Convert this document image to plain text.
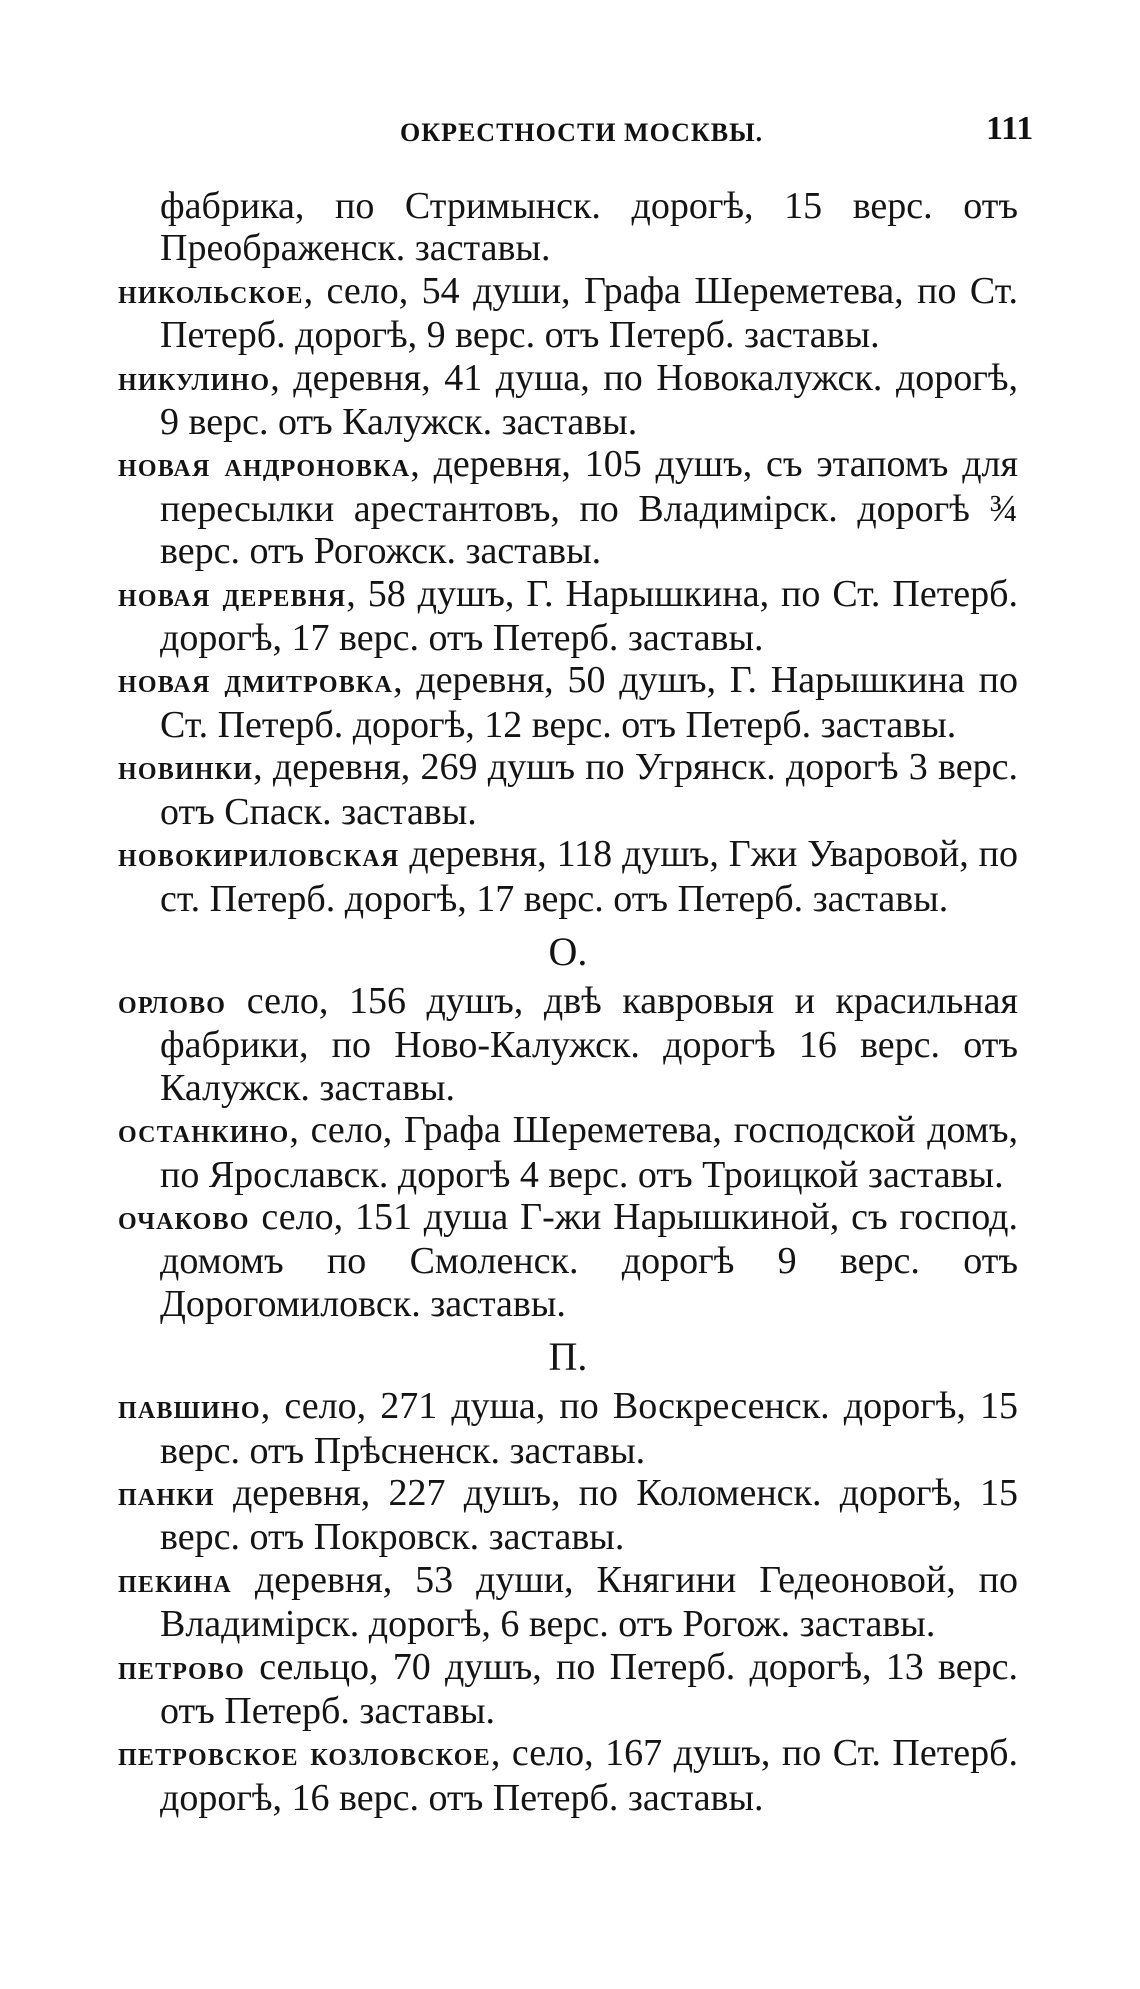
ОКРЕСТНОСТИ МОСКВЫ.	111

фабрика, по Стримынск. дорогѣ, 15 верс. отъ Преображенск. заставы.

никольское, село, 54 души, Графа Шереметева, по Ст. Петерб. дорогѣ, 9 верс. отъ Петерб. заставы.

никулино, деревня, 41 душа, по Новокалужск. дорогѣ, 9 верс. отъ Калужск. заставы.

новая андроновка, деревня, 105 душъ, съ этапомъ для пересылки арестантовъ, по Владимірск. дорогѣ ¾ верс. отъ Рогожск. заставы.

новая деревня, 58 душъ, Г. Нарышкина, по Ст. Петерб. дорогѣ, 17 верс. отъ Петерб. заставы.

новая дмитровка, деревня, 50 душъ, Г. Нарышкина по Ст. Петерб. дорогѣ, 12 верс. отъ Петерб. заставы.

новинки, деревня, 269 душъ по Угрянск. дорогѣ 3 верс. отъ Спаск. заставы.

новокириловская деревня, 118 душъ, Гжи Уваровой, по ст. Петерб. дорогѣ, 17 верс. отъ Петерб. заставы.

О.

орлово село, 156 душъ, двѣ кавровыя и красильная фабрики, по Ново-Калужск. дорогѣ 16 верс. отъ Калужск. заставы.

останкино, село, Графа Шереметева, господской домъ, по Ярославск. дорогѣ 4 верс. отъ Троицкой заставы.

очаково село, 151 душа Г-жи Нарышкиной, съ господ. домомъ по Смоленск. дорогѣ 9 верс. отъ Дорогомиловск. заставы.

П.

павшино, село, 271 душа, по Воскресенск. дорогѣ, 15 верс. отъ Прѣсненск. заставы.

панки деревня, 227 душъ, по Коломенск. дорогѣ, 15 верс. отъ Покровск. заставы.

пекина деревня, 53 души, Княгини Гедеоновой, по Владимірск. дорогѣ, 6 верс. отъ Рогож. заставы.

петрово сельцо, 70 душъ, по Петерб. дорогѣ, 13 верс. отъ Петерб. заставы.

петровское козловское, село, 167 душъ, по Ст. Петерб. дорогѣ, 16 верс. отъ Петерб. заставы.
